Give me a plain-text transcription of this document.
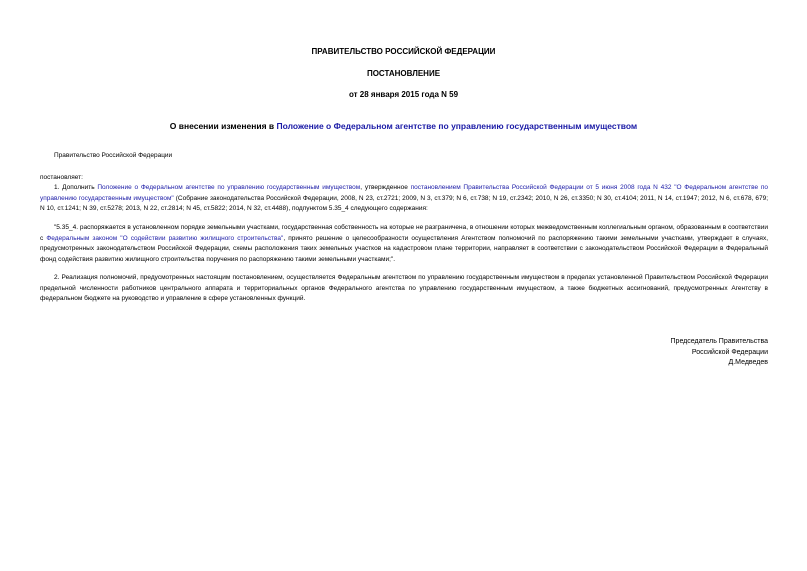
ПРАВИТЕЛЬСТВО РОССИЙСКОЙ ФЕДЕРАЦИИ
ПОСТАНОВЛЕНИЕ
от 28 января 2015 года N 59
О внесении изменения в Положение о Федеральном агентстве по управлению государственным имуществом
Правительство Российской Федерации
постановляет:
1. Дополнить Положение о Федеральном агентстве по управлению государственным имуществом, утвержденное постановлением Правительства Российской Федерации от 5 июня 2008 года N 432 "О Федеральном агентстве по управлению государственным имуществом" (Собрание законодательства Российской Федерации, 2008, N 23, ст.2721; 2009, N 3, ст.379; N 6, ст.738; N 19, ст.2342; 2010, N 26, ст.3350; N 30, ст.4104; 2011, N 14, ст.1947; 2012, N 6, ст.678, 679; N 10, ст.1241; N 39, ст.5278; 2013, N 22, ст.2814; N 45, ст.5822; 2014, N 32, ст.4488), подпунктом 5.35_4 следующего содержания:
"5.35_4. распоряжается в установленном порядке земельными участками, государственная собственность на которые не разграничена, в отношении которых межведомственным коллегиальным органом, образованным в соответствии с Федеральным законом "О содействии развитию жилищного строительства", принято решение о целесообразности осуществления Агентством полномочий по распоряжению такими земельными участками, утверждает в случаях, предусмотренных законодательством Российской Федерации, схемы расположения таких земельных участков на кадастровом плане территории, направляет в соответствии с законодательством Российской Федерации в Федеральный фонд содействия развитию жилищного строительства поручения по распоряжению такими земельными участками;".
2. Реализация полномочий, предусмотренных настоящим постановлением, осуществляется Федеральным агентством по управлению государственным имуществом в пределах установленной Правительством Российской Федерации предельной численности работников центрального аппарата и территориальных органов Федерального агентства по управлению государственным имуществом, а также бюджетных ассигнований, предусмотренных Агентству в федеральном бюджете на руководство и управление в сфере установленных функций.
Председатель Правительства
Российской Федерации
Д.Медведев
